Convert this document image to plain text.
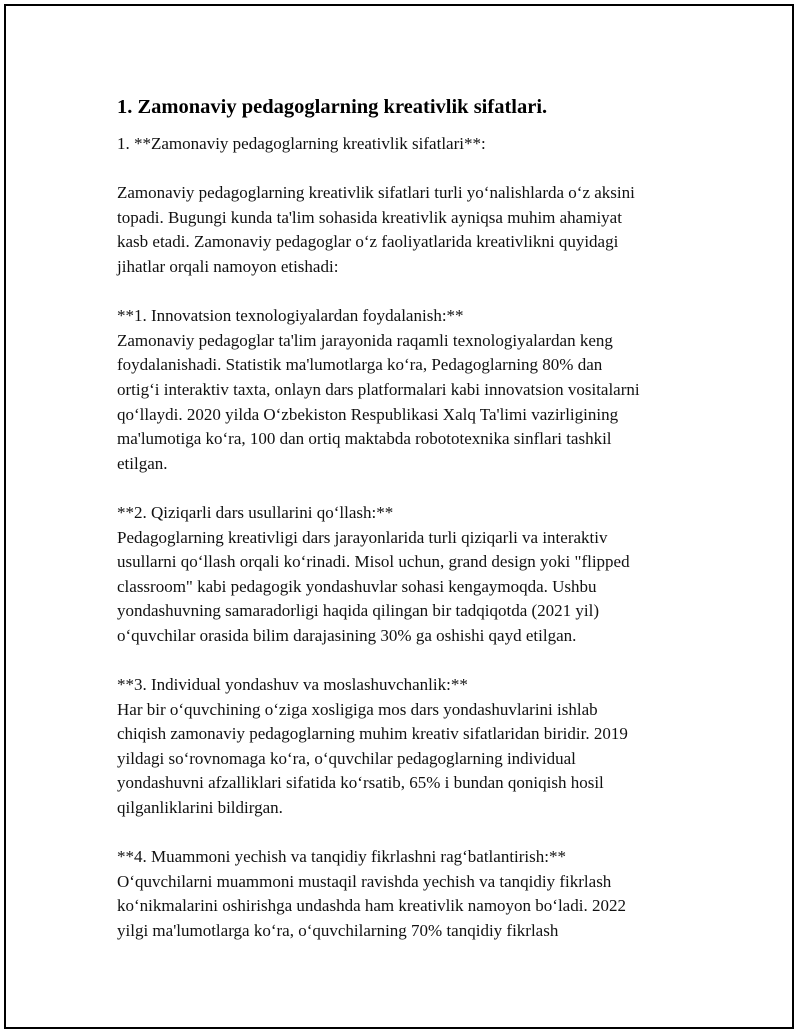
1. Zamonaviy pedagoglarning kreativlik sifatlari.

1. **Zamonaviy pedagoglarning kreativlik sifatlari**:

Zamonaviy pedagoglarning kreativlik sifatlari turli yoʻnalishlarda oʻz aksini
topadi. Bugungi kunda ta'lim sohasida kreativlik ayniqsa muhim ahamiyat
kasb etadi. Zamonaviy pedagoglar oʻz faoliyatlarida kreativlikni quyidagi
jihatlar orqali namoyon etishadi:
**1. Innovatsion texnologiyalardan foydalanish:**
Zamonaviy pedagoglar ta'lim jarayonida raqamli texnologiyalardan keng
foydalanishadi. Statistik ma'lumotlarga koʻra, Pedagoglarning 80% dan
ortigʻi interaktiv taxta, onlayn dars platformalari kabi innovatsion vositalarni
qoʻllaydi. 2020 yilda Oʻzbekiston Respublikasi Xalq Ta'limi vazirligining
ma'lumotiga koʻra, 100 dan ortiq maktabda robototexnika sinflari tashkil
etilgan.
**2. Qiziqarli dars usullarini qoʻllash:**
Pedagoglarning kreativligi dars jarayonlarida turli qiziqarli va interaktiv
usullarni qoʻllash orqali koʻrinadi. Misol uchun, grand design yoki "flipped
classroom" kabi pedagogik yondashuvlar sohasi kengaymoqda. Ushbu
yondashuvning samaradorligi haqida qilingan bir tadqiqotda (2021 yil)
oʻquvchilar orasida bilim darajasining 30% ga oshishi qayd etilgan.
**3. Individual yondashuv va moslashuvchanlik:**
Har bir oʻquvchining oʻziga xosligiga mos dars yondashuvlarini ishlab
chiqish zamonaviy pedagoglarning muhim kreativ sifatlaridan biridir. 2019
yildagi soʻrovnomaga koʻra, oʻquvchilar pedagoglarning individual
yondashuvni afzalliklari sifatida koʻrsatib, 65% i bundan qoniqish hosil
qilganliklarini bildirgan.
**4. Muammoni yechish va tanqidiy fikrlashni ragʻbatlantirish:**
Oʻquvchilarni muammoni mustaqil ravishda yechish va tanqidiy fikrlash
koʻnikmalarini oshirishga undashda ham kreativlik namoyon boʻladi. 2022
yilgi ma'lumotlarga koʻra, oʻquvchilarning 70% tanqidiy fikrlash
